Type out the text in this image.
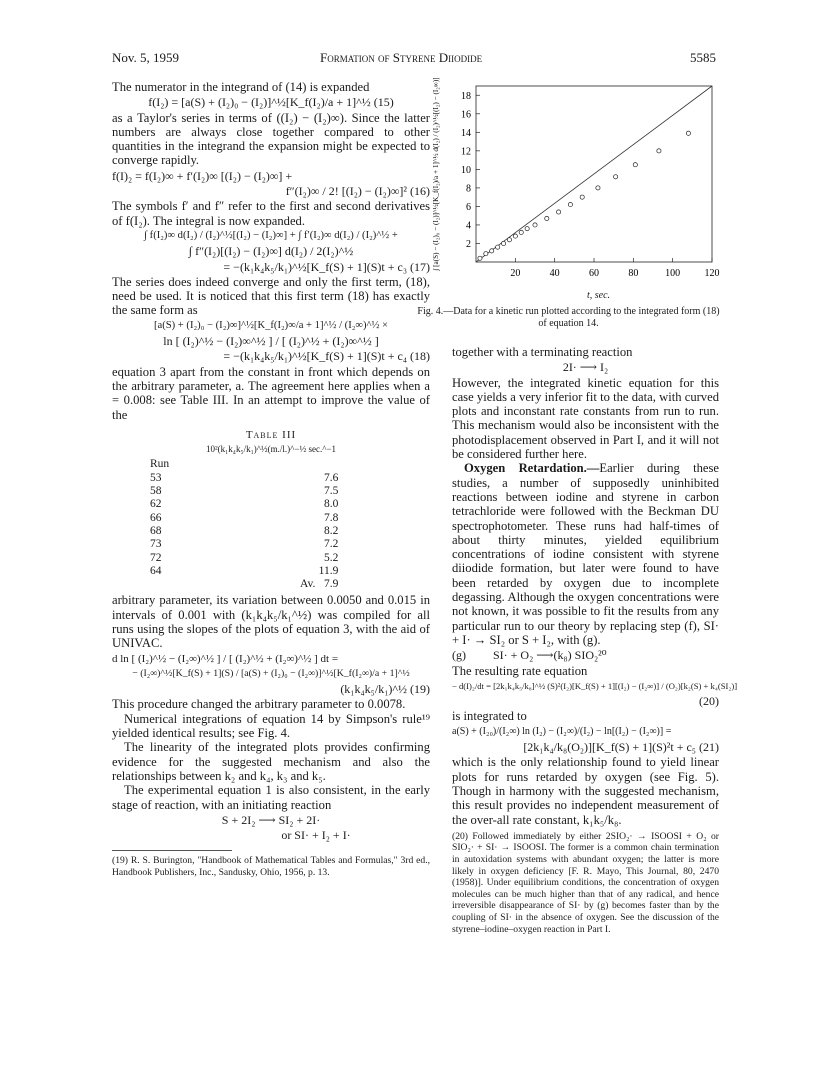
Nov. 5, 1959	Formation of Styrene Diiodide	5585

The numerator in the integrand of (14) is expanded

f(I₂) = [a(S) + (I₂)₀ − (I₂)]^½[K_f(I₂)/a + 1]^½ (15)

as a Taylor's series in terms of ((I₂) − (I₂)∞). Since the latter numbers are always close together compared to other quantities in the integrand the expansion might be expected to converge rapidly.

f(I)₂ = f(I₂)∞ + f′(I₂)∞ [(I₂) − (I₂)∞] +
f″(I₂)∞ / 2! [(I₂) − (I₂)∞]² (16)

The symbols f′ and f″ refer to the first and second derivatives of f(I₂). The integral is now expanded.

∫ f(I₂)∞ d(I₂) / (I₂)^½[(I₂) − (I₂)∞] + ∫ f′(I₂)∞ d(I₂) / (I₂)^½ +
∫ f″(I₂)[(I₂) − (I₂)∞] d(I₂) / 2(I₂)^½
= −(k₁k₄k₅/k₁)^½[K_f(S) + 1](S)t + c₃ (17)

The series does indeed converge and only the first term, (18), need be used. It is noticed that this first term (18) has exactly the same form as

[a(S) + (I₂)₀ − (I₂)∞]^½[K_f(I₂)∞/a + 1]^½ / (I₂∞)^½ ×
ln [ (I₂)^½ − (I₂)∞^½ ] / [ (I₂)^½ + (I₂)∞^½ ]
= −(k₁k₄k₅/k₁)^½[K_f(S) + 1](S)t + c₄ (18)

equation 3 apart from the constant in front which depends on the arbitrary parameter, a. The agreement here applies when a = 0.008: see Table III. In an attempt to improve the value of the

Table III
10²(k₁k₄k₅/k₁)^½(m./l.)^−½ sec.^−1
Run	
53	7.6
58	7.5
62	8.0
66	7.8
68	8.2
73	7.2
72	5.2
64	11.9
	Av. 7.9

arbitrary parameter, its variation between 0.0050 and 0.015 in intervals of 0.001 with (k₁k₄k₅/k₁^½) was compiled for all runs using the slopes of the plots of equation 3, with the aid of UNIVAC.

d ln [ (I₂)^½ − (I₂∞)^½ ] / [ (I₂)^½ + (I₂∞)^½ ] dt =
− (I₂∞)^½[K_f(S) + 1](S) / [a(S) + (I₂)₀ − (I₂∞)]^½[K_f(I₂∞)/a + 1]^½
(k₁k₄k₅/k₁)^½ (19)

This procedure changed the arbitrary parameter to 0.0078.

Numerical integrations of equation 14 by Simpson's rule¹⁹ yielded identical results; see Fig. 4.

The linearity of the integrated plots provides confirming evidence for the suggested mechanism and also the relationships between k₂ and k₄, k₃ and k₅.

The experimental equation 1 is also consistent, in the early stage of reaction, with an initiating reaction

S + 2I₂ ⟶ SI₂ + 2I·
or SI· + I₂ + I·

(19) R. S. Burington, "Handbook of Mathematical Tables and Formulas," 3rd ed., Handbook Publishers, Inc., Sandusky, Ohio, 1956, p. 13.

20	40	60	80	100 120
2
4
6
8
10
12
14
16
18
∫ [a(S) − (I₂)₀ − (I₂)]^½[K_f(I₂)/a + 1]^½ d(I₂) / (I₂)^½[(I₂) − (I₂∞)]
t, sec.
Fig. 4.—Data for a kinetic run plotted according to the integrated form (18) of equation 14.

together with a terminating reaction

2I· ⟶ I₂

However, the integrated kinetic equation for this case yields a very inferior fit to the data, with curved plots and inconstant rate constants from run to run. This mechanism would also be inconsistent with the photodisplacement observed in Part I, and it will not be considered further here.

Oxygen Retardation.—Earlier during these studies, a number of supposedly uninhibited reactions between iodine and styrene in carbon tetrachloride were followed with the Beckman DU spectrophotometer. These runs had half-times of about thirty minutes, yielded equilibrium concentrations of iodine consistent with styrene diiodide formation, but later were found to have been retarded by oxygen due to incomplete degassing. Although the oxygen concentrations were not known, it was possible to fit the results from any particular run to our theory by replacing step (f), SI· + I· → SI₂ or S + I₂, with (g).

(g) SI· + O₂ ⟶(k₈) SIO₂²⁰

The resulting rate equation

− d(I)₂/dt = [2k₁k₄k₅/k₈]^½ (S)²(I₂)[K_f(S) + 1][(I₂) − (I₂∞)] / (O₂)[k₂(S) + k₄(SI₂)]
(20)

is integrated to

a(S) + (I₂₀)/(I₂∞) ln (I₂) − (I₂∞)/(I₂) − ln[(I₂) − (I₂∞)] =
[2k₁k₄/k₈(O₂)][K_f(S) + 1](S)²t + c₅ (21)

which is the only relationship found to yield linear plots for runs retarded by oxygen (see Fig. 5). Though in harmony with the suggested mechanism, this result provides no independent measurement of the over-all rate constant, k₁k₅/k₈.

(20) Followed immediately by either 2SIO₂· → ISOOSI + O₂ or SIO₂· + SI· → ISOOSI. The former is a common chain termination in autoxidation systems with abundant oxygen; the latter is more likely in oxygen deficiency [F. R. Mayo, This Journal, 80, 2470 (1958)]. Under equilibrium conditions, the concentration of oxygen molecules can be much higher than that of any radical, and hence irreversible disappearance of SI· by (g) becomes faster than by the coupling of SI· in the absence of oxygen. See the discussion of the styrene–iodine–oxygen reaction in Part I.
